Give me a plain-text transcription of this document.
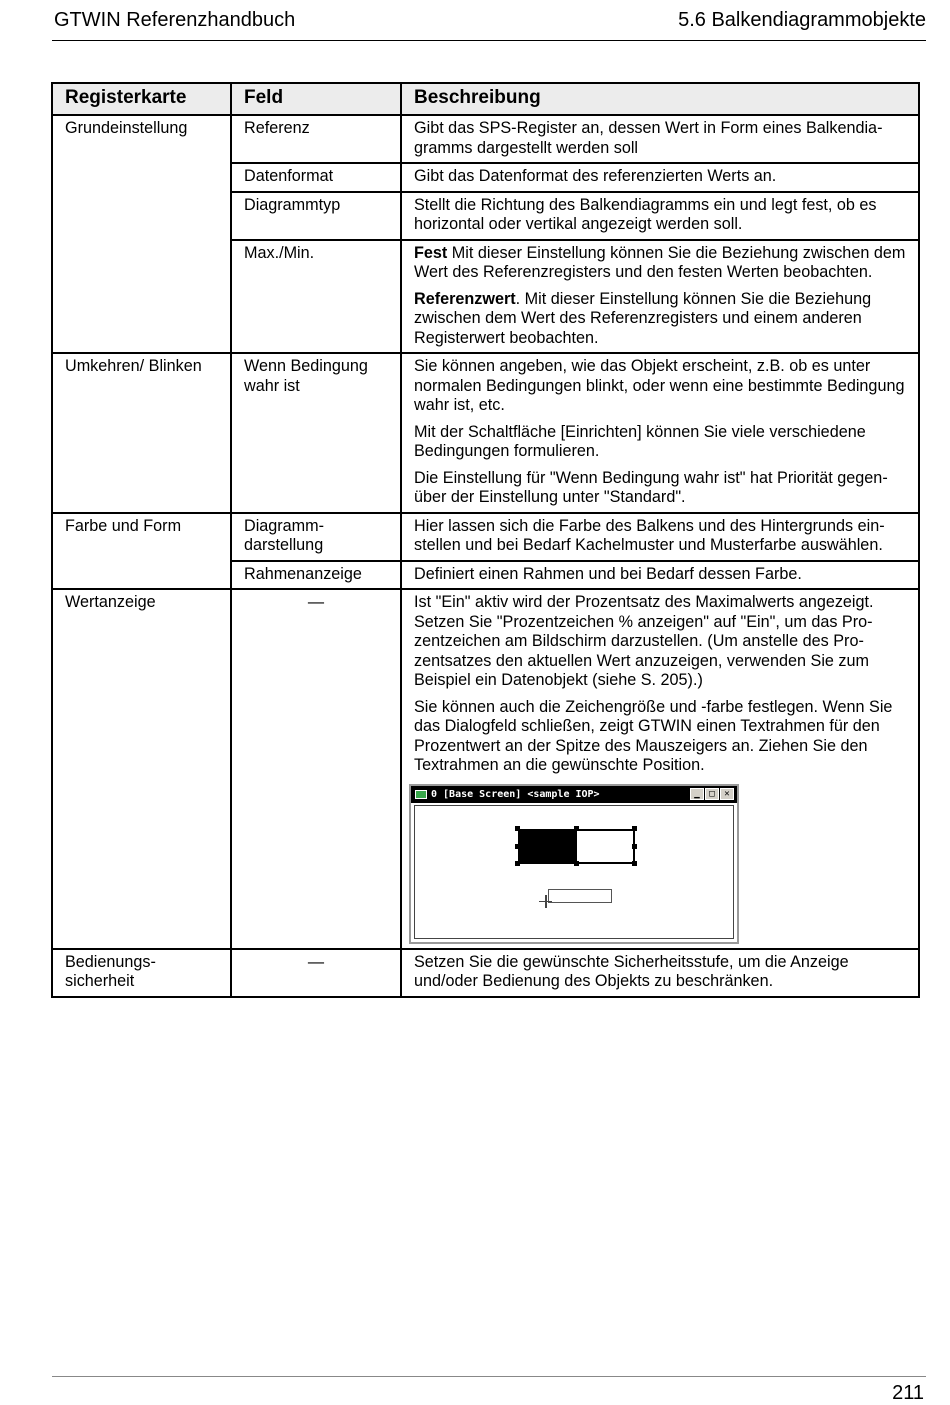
GTWIN Referenzhandbuch	5.6 Balkendiagrammobjekte
Registerkarte	Feld	Beschreibung
Grundeinstellung	Referenz	Gibt das SPS-Register an, dessen Wert in Form eines Balkendiagramms dargestellt werden soll
	Datenformat	Gibt das Datenformat des referenzierten Werts an.
	Diagrammtyp	Stellt die Richtung des Balkendiagramms ein und legt fest, ob es horizontal oder vertikal angezeigt werden soll.
	Max./Min.	Fest Mit dieser Einstellung können Sie die Beziehung zwischen dem Wert des Referenzregisters und den festen Werten beobachten.

Referenzwert. Mit dieser Einstellung können Sie die Beziehung zwischen dem Wert des Referenzregisters und einem anderen Registerwert beobachten.

Umkehren/ Blinken	Wenn Bedingung wahr ist	Sie können angeben, wie das Objekt erscheint, z.B. ob es unter normalen Bedingungen blinkt, oder wenn eine bestimmte Bedingung wahr ist, etc.

Mit der Schaltfläche [Einrichten] können Sie viele verschiedene Bedingungen formulieren.

Die Einstellung für "Wenn Bedingung wahr ist" hat Priorität gegenüber der Einstellung unter "Standard".

Farbe und Form	Diagramm-darstellung	Hier lassen sich die Farbe des Balkens und des Hintergrunds einstellen und bei Bedarf Kachelmuster und Musterfarbe auswählen.
	Rahmenanzeige	Definiert einen Rahmen und bei Bedarf dessen Farbe.
Wertanzeige	—	Ist "Ein" aktiv wird der Prozentsatz des Maximalwerts angezeigt. Setzen Sie "Prozentzeichen % anzeigen" auf "Ein", um das Prozentzeichen am Bildschirm darzustellen. (Um anstelle des Prozentsatzes den aktuellen Wert anzuzeigen, verwenden Sie zum Beispiel ein Datenobjekt (siehe S. 205).)

Sie können auch die Zeichengröße und -farbe festlegen. Wenn Sie das Dialogfeld schließen, zeigt GTWIN einen Textrahmen für den Prozentwert an der Spitze des Mauszeigers an. Ziehen Sie den Textrahmen an die gewünschte Position.

0 [Base Screen] <sample IOP> ▁ □ ✕

Bedienungs-sicherheit	—	Setzen Sie die gewünschte Sicherheitsstufe, um die Anzeige und/oder Bedienung des Objekts zu beschränken.
211
